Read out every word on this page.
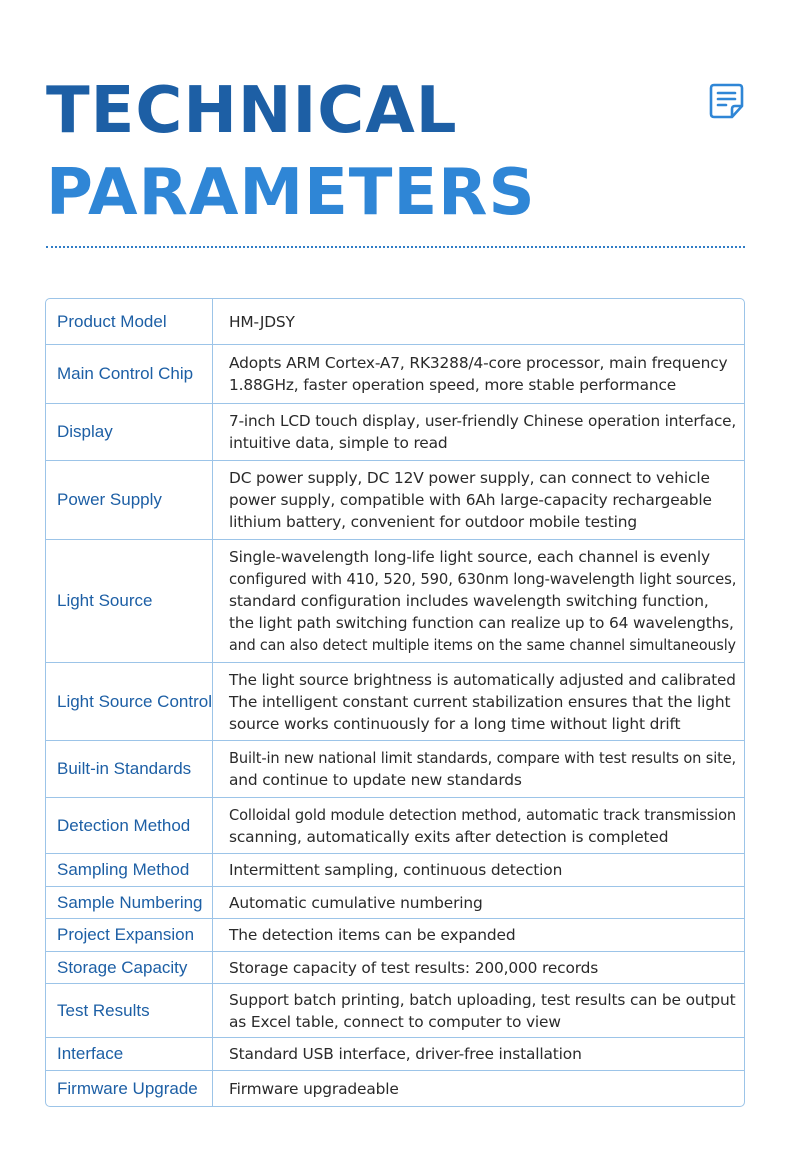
TECHNICAL
PARAMETERS
Product Model	HM-JDSY

Main Control Chip	Adopts ARM Cortex-A7, RK3288/4-core processor, main frequency
1.88GHz, faster operation speed, more stable performance

Display	7-inch LCD touch display, user-friendly Chinese operation interface,
intuitive data, simple to read

Power Supply	DC power supply, DC 12V power supply, can connect to vehicle
power supply, compatible with 6Ah large-capacity rechargeable
lithium battery, convenient for outdoor mobile testing

Light Source	Single-wavelength long-life light source, each channel is evenly
configured with 410, 520, 590, 630nm long-wavelength light sources,
standard configuration includes wavelength switching function,
the light path switching function can realize up to 64 wavelengths,
and can also detect multiple items on the same channel simultaneously

Light Source Control	The light source brightness is automatically adjusted and calibrated
The intelligent constant current stabilization ensures that the light
source works continuously for a long time without light drift

Built-in Standards	Built-in new national limit standards, compare with test results on site,
and continue to update new standards

Detection Method	Colloidal gold module detection method, automatic track transmission
scanning, automatically exits after detection is completed

Sampling Method	Intermittent sampling, continuous detection

Sample Numbering	Automatic cumulative numbering

Project Expansion	The detection items can be expanded

Storage Capacity	Storage capacity of test results: 200,000 records

Test Results	Support batch printing, batch uploading, test results can be output
as Excel table, connect to computer to view

Interface	Standard USB interface, driver-free installation

Firmware Upgrade	Firmware upgradeable
